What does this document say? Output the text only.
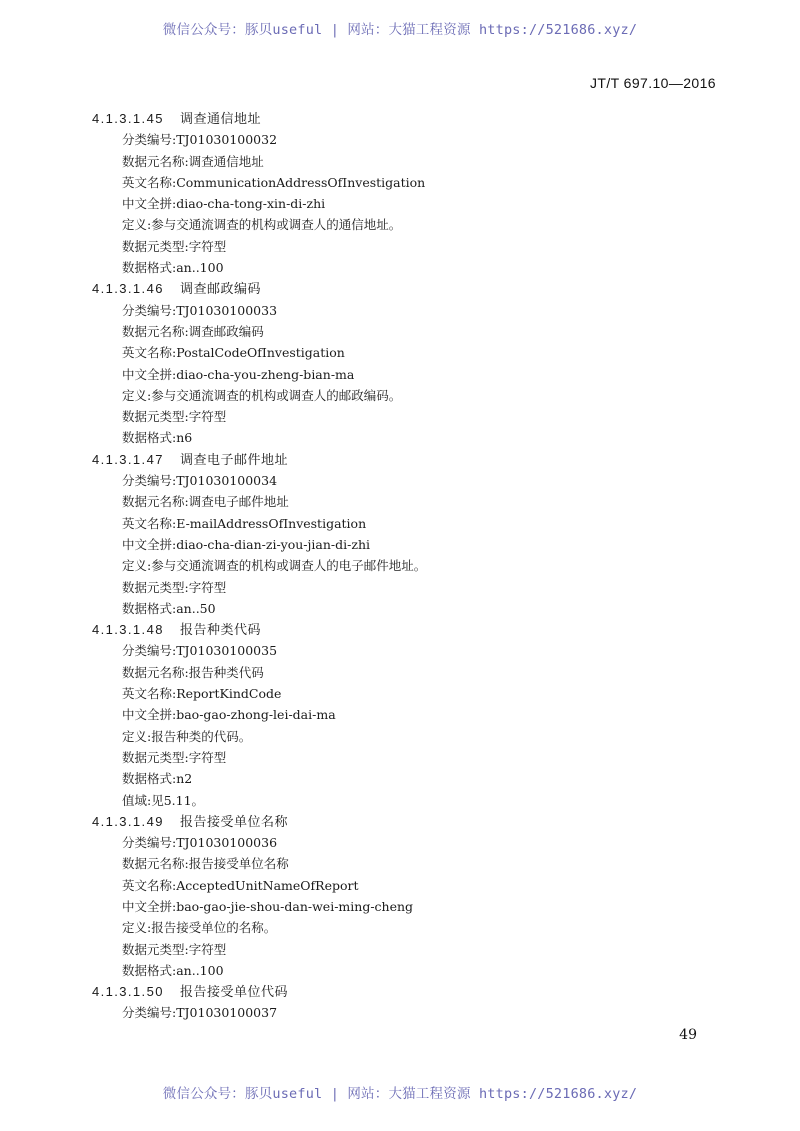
微信公众号：豚贝useful | 网站：大猫工程资源 https://521686.xyz/
JT/T 697.10—2016
4.1.3.1.45 调查通信地址
分类编号:TJ01030100032
数据元名称:调查通信地址
英文名称:CommunicationAddressOfInvestigation
中文全拼:diao-cha-tong-xin-di-zhi
定义:参与交通流调查的机构或调查人的通信地址。
数据元类型:字符型
数据格式:an..100
4.1.3.1.46 调查邮政编码
分类编号:TJ01030100033
数据元名称:调查邮政编码
英文名称:PostalCodeOfInvestigation
中文全拼:diao-cha-you-zheng-bian-ma
定义:参与交通流调查的机构或调查人的邮政编码。
数据元类型:字符型
数据格式:n6
4.1.3.1.47 调查电子邮件地址
分类编号:TJ01030100034
数据元名称:调查电子邮件地址
英文名称:E-mailAddressOfInvestigation
中文全拼:diao-cha-dian-zi-you-jian-di-zhi
定义:参与交通流调查的机构或调查人的电子邮件地址。
数据元类型:字符型
数据格式:an..50
4.1.3.1.48 报告种类代码
分类编号:TJ01030100035
数据元名称:报告种类代码
英文名称:ReportKindCode
中文全拼:bao-gao-zhong-lei-dai-ma
定义:报告种类的代码。
数据元类型:字符型
数据格式:n2
值域:见5.11。
4.1.3.1.49 报告接受单位名称
分类编号:TJ01030100036
数据元名称:报告接受单位名称
英文名称:AcceptedUnitNameOfReport
中文全拼:bao-gao-jie-shou-dan-wei-ming-cheng
定义:报告接受单位的名称。
数据元类型:字符型
数据格式:an..100
4.1.3.1.50 报告接受单位代码
分类编号:TJ01030100037
49
微信公众号：豚贝useful | 网站：大猫工程资源 https://521686.xyz/
